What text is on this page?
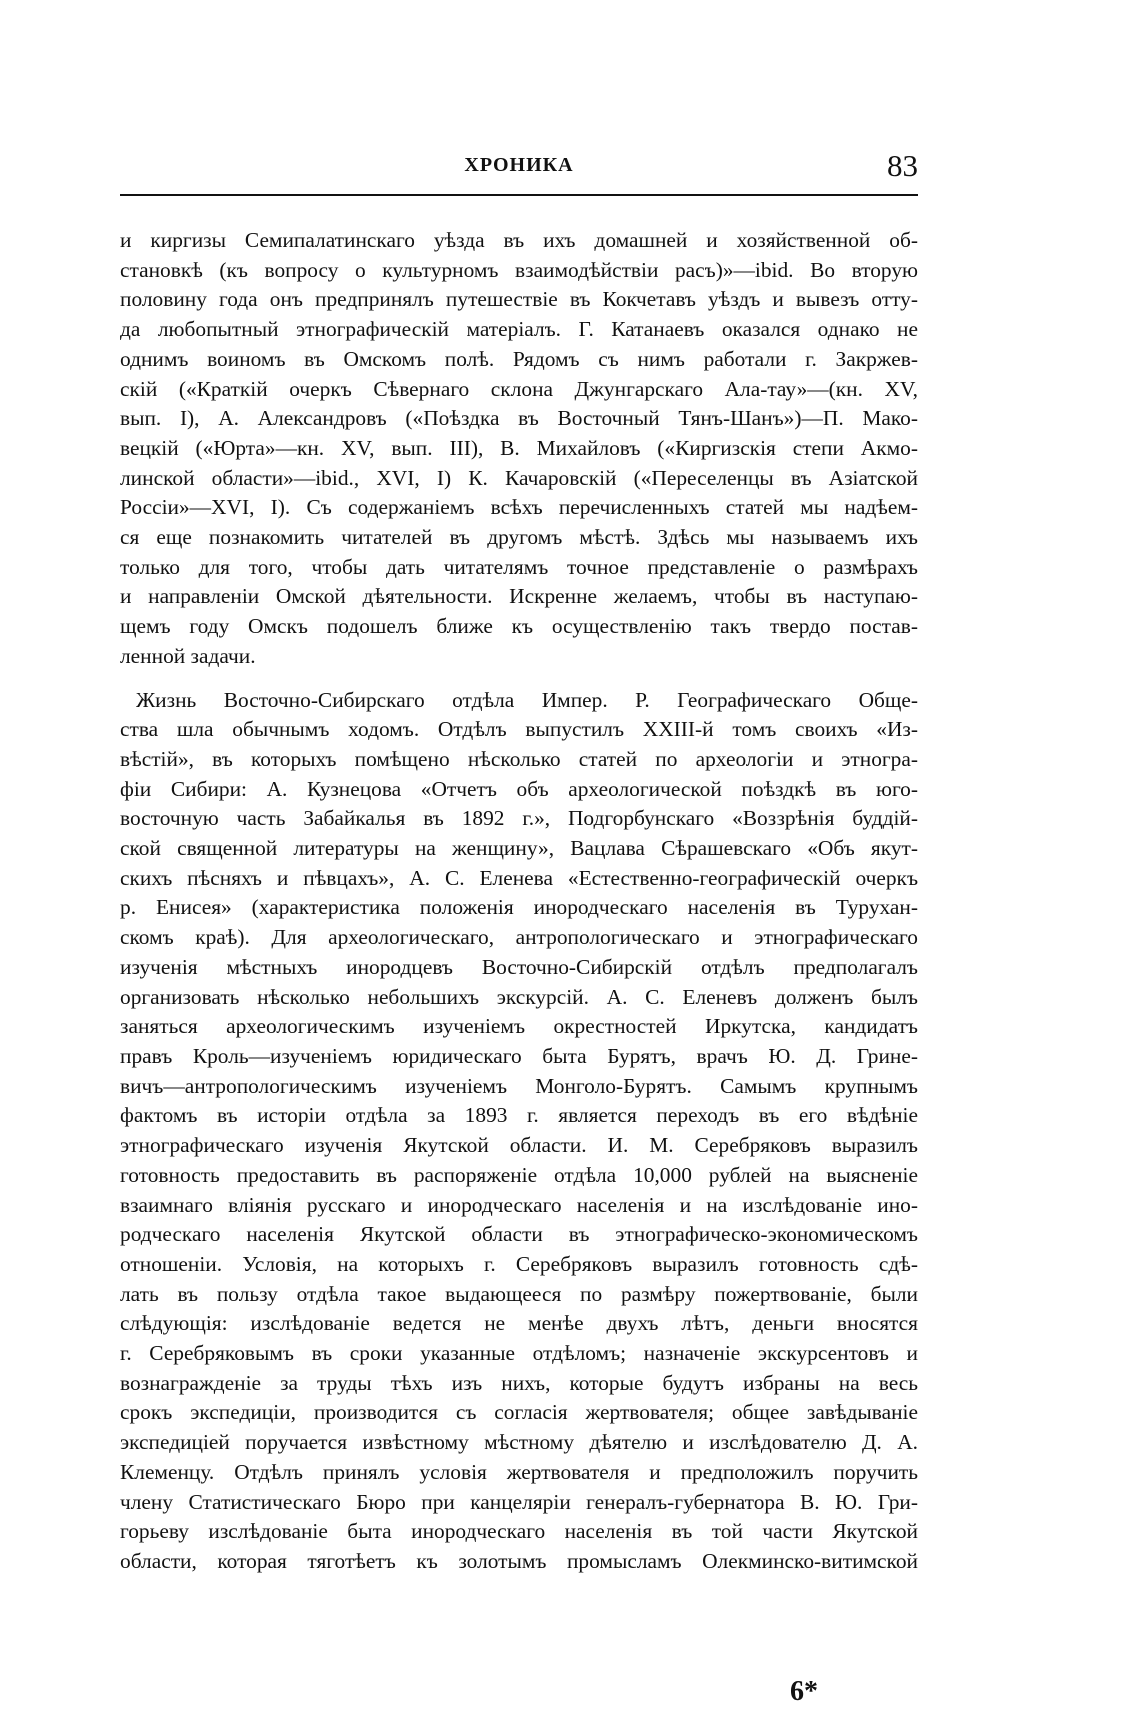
ХРОНИКА	83
и киргизы Семипалатинскаго уѣзда въ ихъ домашней и хозяйственной об-
становкѣ (къ вопросу о культурномъ взаимодѣйствіи расъ)»—ibid. Во вторую
половину года онъ предпринялъ путешествіе въ Кокчетавъ уѣздъ и вывезъ отту-
да любопытный этнографическій матеріалъ. Г. Катанаевъ оказался однако не
однимъ воиномъ въ Омскомъ полѣ. Рядомъ съ нимъ работали г. Закржев-
скій («Краткій очеркъ Сѣвернаго склона Джунгарскаго Ала-тау»—(кн. XV,
вып. I), А. Александровъ («Поѣздка въ Восточный Тянъ-Шанъ»)—П. Мако-
вецкій («Юрта»—кн. XV, вып. III), В. Михайловъ («Киргизскія степи Акмо-
линской области»—ibid., XVI, I) К. Качаровскій («Переселенцы въ Азіатской
Россіи»—XVI, I). Съ содержаніемъ всѣхъ перечисленныхъ статей мы надѣем-
ся еще познакомить читателей въ другомъ мѣстѣ. Здѣсь мы называемъ ихъ
только для того, чтобы дать читателямъ точное представленіе о размѣрахъ
и направленіи Омской дѣятельности. Искренне желаемъ, чтобы въ наступаю-
щемъ году Омскъ подошелъ ближе къ осуществленію такъ твердо постав-
ленной задачи.
Жизнь Восточно-Сибирскаго отдѣла Импер. Р. Географическаго Обще-
ства шла обычнымъ ходомъ. Отдѣлъ выпустилъ XXIII-й томъ своихъ «Из-
вѣстій», въ которыхъ помѣщено нѣсколько статей по археологіи и этногра-
фіи Сибири: А. Кузнецова «Отчетъ объ археологической поѣздкѣ въ юго-
восточную часть Забайкалья въ 1892 г.», Подгорбунскаго «Воззрѣнія буддій-
ской священной литературы на женщину», Вацлава Сѣрашевскаго «Объ якут-
скихъ пѣсняхъ и пѣвцахъ», А. С. Еленева «Естественно-географическій очеркъ
р. Енисея» (характеристика положенія инородческаго населенія въ Турухан-
скомъ краѣ). Для археологическаго, антропологическаго и этнографическаго
изученія мѣстныхъ инородцевъ Восточно-Сибирскій отдѣлъ предполагалъ
организовать нѣсколько небольшихъ экскурсій. А. С. Еленевъ долженъ былъ
заняться археологическимъ изученіемъ окрестностей Иркутска, кандидатъ
правъ Кроль—изученіемъ юридическаго быта Бурятъ, врачъ Ю. Д. Грине-
вичъ—антропологическимъ изученіемъ Монголо-Бурятъ. Самымъ крупнымъ
фактомъ въ исторіи отдѣла за 1893 г. является переходъ въ его вѣдѣніе
этнографическаго изученія Якутской области. И. М. Серебряковъ выразилъ
готовность предоставить въ распоряженіе отдѣла 10,000 рублей на выясненіе
взаимнаго вліянія русскаго и инородческаго населенія и на изслѣдованіе ино-
родческаго населенія Якутской области въ этнографическо-экономическомъ
отношеніи. Условія, на которыхъ г. Серебряковъ выразилъ готовность сдѣ-
лать въ пользу отдѣла такое выдающееся по размѣру пожертвованіе, были
слѣдующія: изслѣдованіе ведется не менѣе двухъ лѣтъ, деньги вносятся
г. Серебряковымъ въ сроки указанные отдѣломъ; назначеніе экскурсентовъ и
вознагражденіе за труды тѣхъ изъ нихъ, которые будутъ избраны на весь
срокъ экспедиціи, производится съ согласія жертвователя; общее завѣдываніе
экспедиціей поручается извѣстному мѣстному дѣятелю и изслѣдователю Д. А.
Клеменцу. Отдѣлъ принялъ условія жертвователя и предположилъ поручить
члену Статистическаго Бюро при канцеляріи генералъ-губернатора В. Ю. Гри-
горьеву изслѣдованіе быта инородческаго населенія въ той части Якутской
области, которая тяготѣетъ къ золотымъ промысламъ Олекминско-витимской
6*
